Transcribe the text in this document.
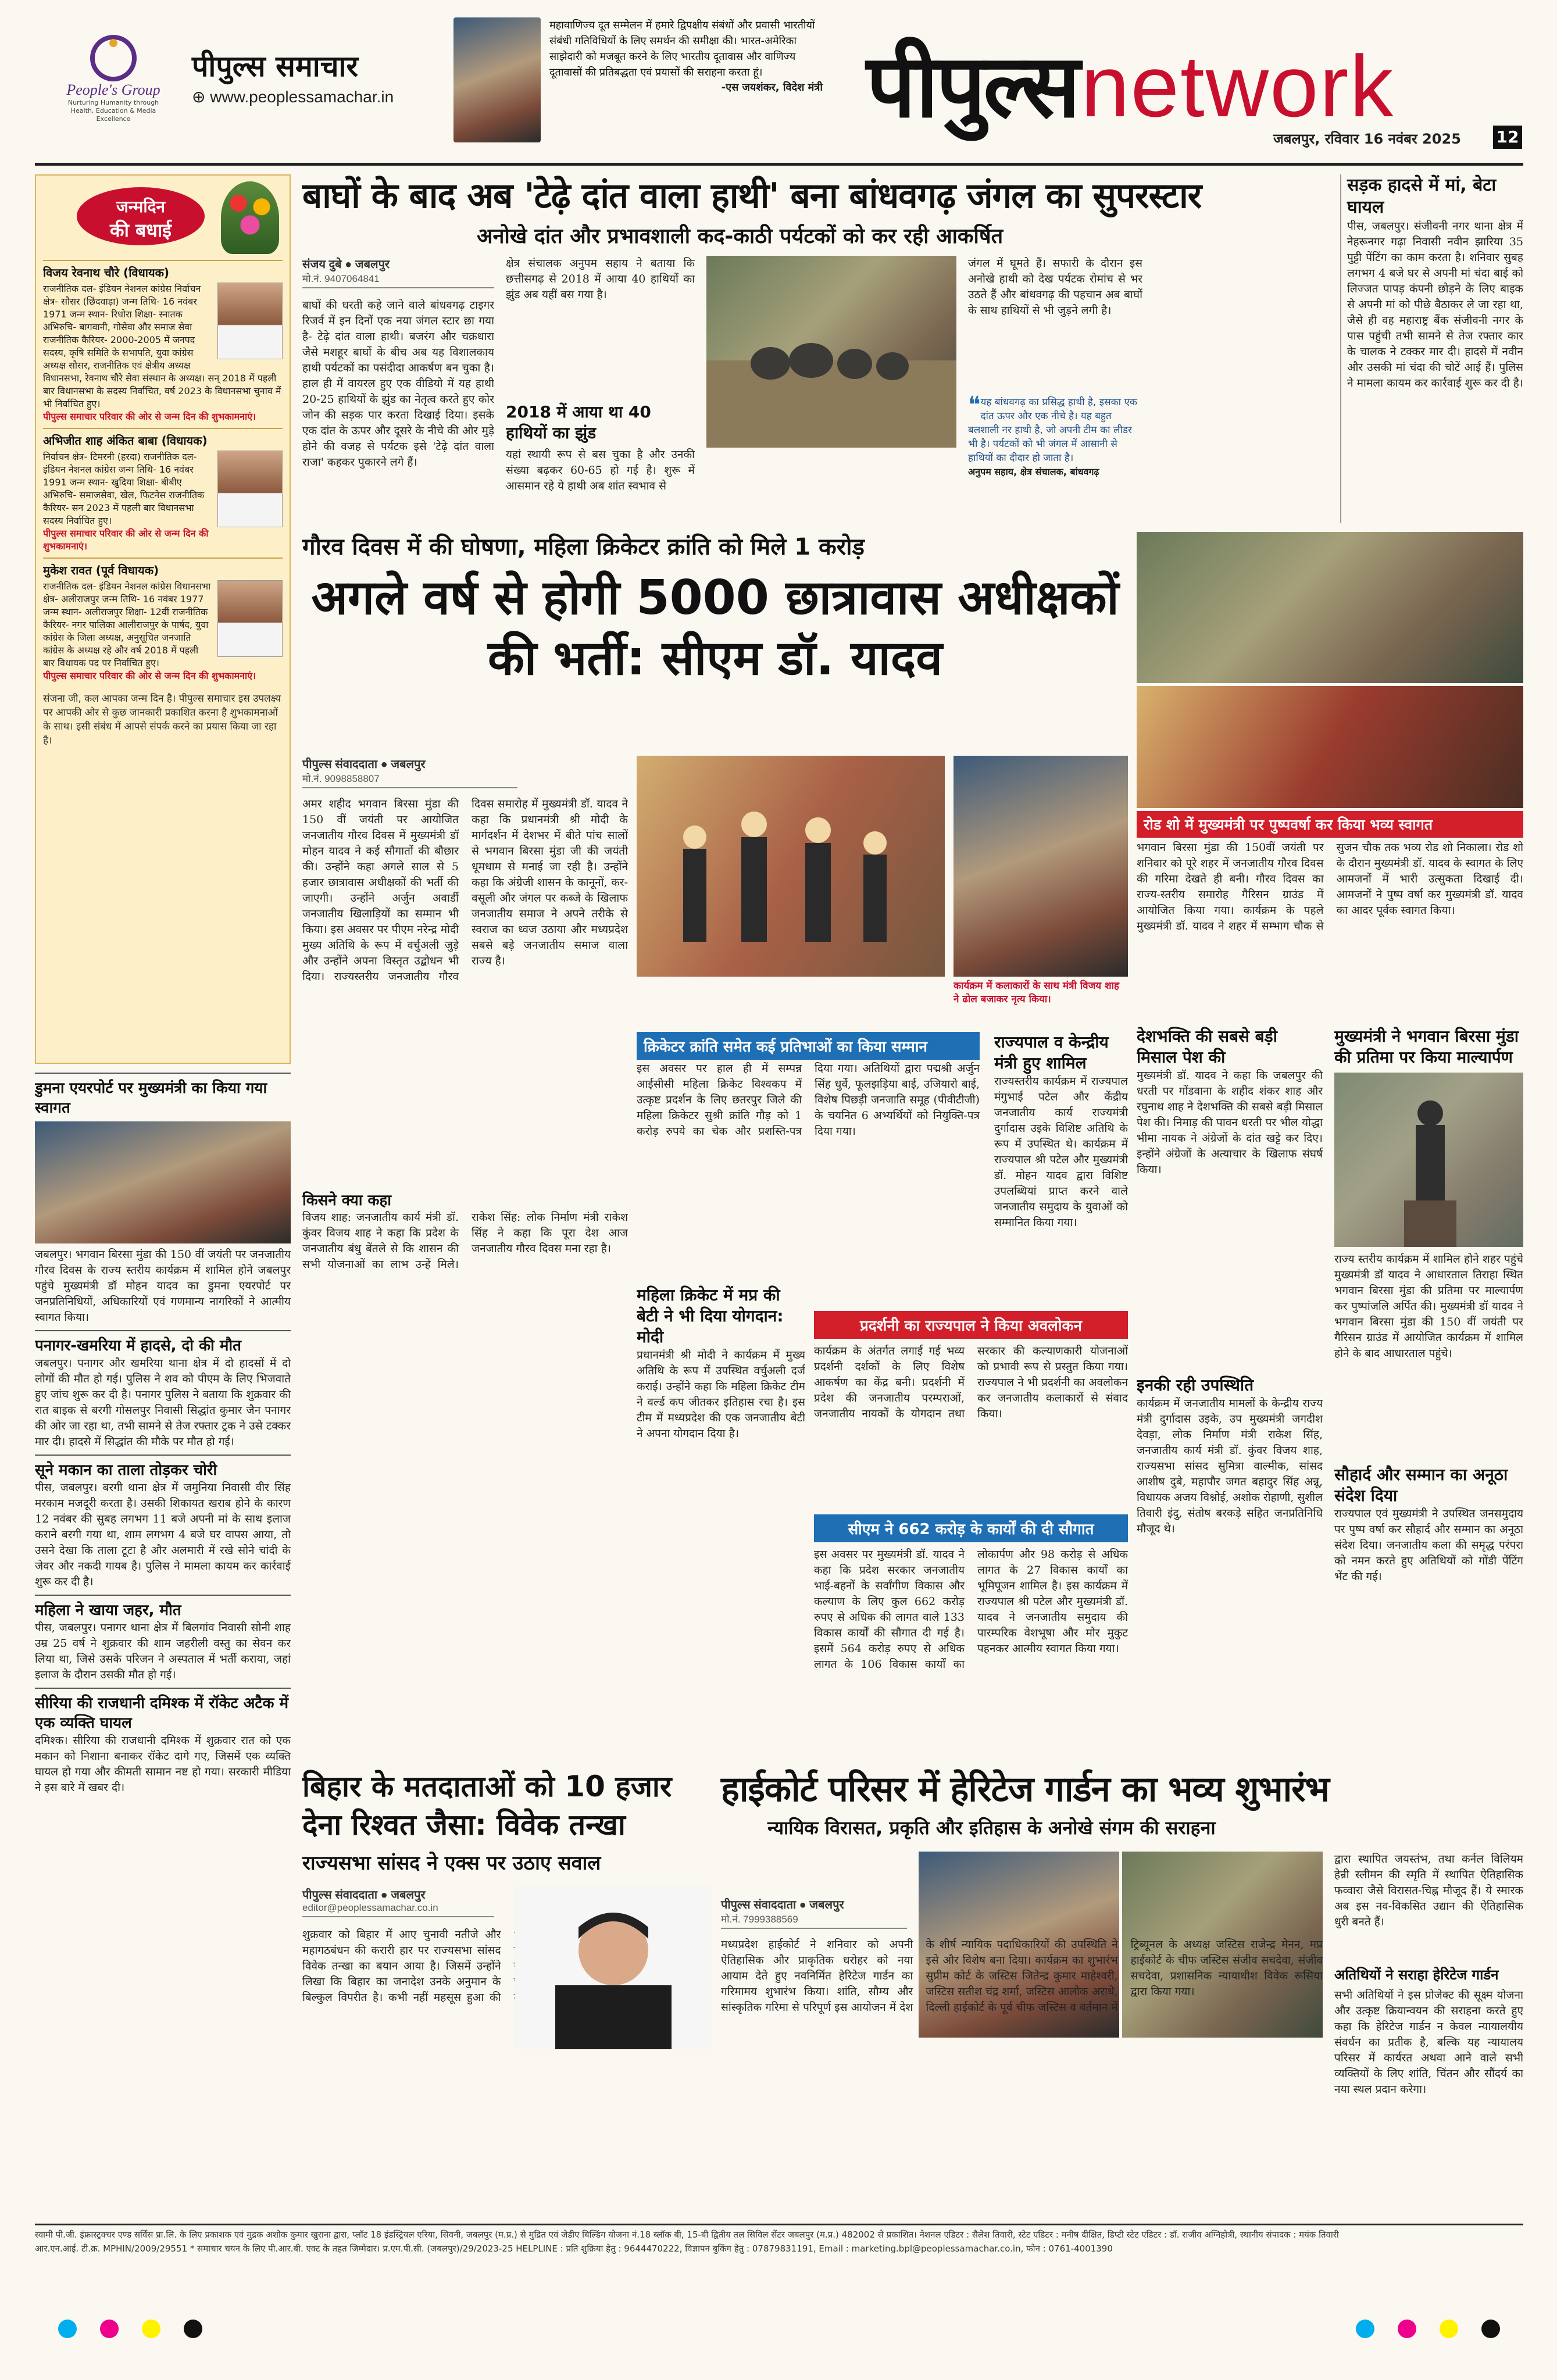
People's Group
Nurturing Humanity through Health, Education & Media Excellence
पीपुल्स समाचार
⊕ www.peoplessamachar.in
महावाणिज्य दूत सम्मेलन में हमारे द्विपक्षीय संबंधों और प्रवासी भारतीयों संबंधी गतिविधियों के लिए समर्थन की समीक्षा की। भारत-अमेरिका साझेदारी को मजबूत करने के लिए भारतीय दूतावास और वाणिज्य दूतावासों की प्रतिबद्धता एवं प्रयासों की सराहना करता हूं।
-एस जयशंकर, विदेश मंत्री पीपुल्स network
जबलपुर, रविवार 16 नवंबर 2025 12
जन्मदिन
की बधाई
विजय रेवनाथ चौरे (विधायक)
राजनीतिक दल- इंडियन नेशनल कांग्रेस निर्वाचन क्षेत्र- सौसर (छिंदवाड़ा) जन्म तिथि- 16 नवंबर 1971 जन्म स्थान- रिधोरा शिक्षा- स्नातक अभिरुचि- बागवानी, गोसेवा और समाज सेवा राजनीतिक कैरियर- 2000-2005 में जनपद सदस्य, कृषि समिति के सभापति, युवा कांग्रेस अध्यक्ष सौसर, राजनीतिक एवं क्षेत्रीय अध्यक्ष विधानसभा, रेवनाथ चौरे सेवा संस्थान के अध्यक्ष। सन् 2018 में पहली बार विधानसभा के सदस्य निर्वाचित, वर्ष 2023 के विधानसभा चुनाव में भी निर्वाचित हुए।
पीपुल्स समाचार परिवार की ओर से जन्म दिन की शुभकामनाएं।
अभिजीत शाह अंकित बाबा (विधायक)
निर्वाचन क्षेत्र- टिमरनी (हरदा) राजनीतिक दल- इंडियन नेशनल कांग्रेस जन्म तिथि- 16 नवंबर 1991 जन्म स्थान- खुदिया शिक्षा- बीबीए अभिरुचि- समाजसेवा, खेल, फिटनेस राजनीतिक कैरियर- सन 2023 में पहली बार विधानसभा सदस्य निर्वाचित हुए।
पीपुल्स समाचार परिवार की ओर से जन्म दिन की शुभकामनाएं।
मुकेश रावत (पूर्व विधायक)
राजनीतिक दल- इंडियन नेशनल कांग्रेस विधानसभा क्षेत्र- अलीराजपुर जन्म तिथि- 16 नवंबर 1977 जन्म स्थान- अलीराजपुर शिक्षा- 12वीं राजनीतिक कैरियर- नगर पालिका आलीराजपुर के पार्षद, युवा कांग्रेस के जिला अध्यक्ष, अनुसूचित जनजाति कांग्रेस के अध्यक्ष रहे और वर्ष 2018 में पहली बार विधायक पद पर निर्वाचित हुए।
पीपुल्स समाचार परिवार की ओर से जन्म दिन की शुभकामनाएं।
संजना जी, कल आपका जन्म दिन है। पीपुल्स समाचार इस उपलक्ष्य पर आपकी ओर से कुछ जानकारी प्रकाशित करना है शुभकामनाओं के साथ। इसी संबंध में आपसे संपर्क करने का प्रयास किया जा रहा है।
डुमना एयरपोर्ट पर मुख्यमंत्री का किया गया स्वागत
जबलपुर। भगवान बिरसा मुंडा की 150 वीं जयंती पर जनजातीय गौरव दिवस के राज्य स्तरीय कार्यक्रम में शामिल होने जबलपुर पहुंचे मुख्यमंत्री डॉ मोहन यादव का डुमना एयरपोर्ट पर जनप्रतिनिधियों, अधिकारियों एवं गणमान्य नागरिकों ने आत्मीय स्वागत किया।
पनागर-खमरिया में हादसे, दो की मौत
जबलपुर। पनागर और खमरिया थाना क्षेत्र में दो हादसों में दो लोगों की मौत हो गई। पुलिस ने शव को पीएम के लिए भिजवाते हुए जांच शुरू कर दी है। पनागर पुलिस ने बताया कि शुक्रवार की रात बाइक से बरगी गोसलपुर निवासी सिद्धांत कुमार जैन पनागर की ओर जा रहा था, तभी सामने से तेज रफ्तार ट्रक ने उसे टक्कर मार दी। हादसे में सिद्धांत की मौके पर मौत हो गई।
सूने मकान का ताला तोड़कर चोरी
पीस, जबलपुर। बरगी थाना क्षेत्र में जमुनिया निवासी वीर सिंह मरकाम मजदूरी करता है। उसकी शिकायत खराब होने के कारण 12 नवंबर की सुबह लगभग 11 बजे अपनी मां के साथ इलाज कराने बरगी गया था, शाम लगभग 4 बजे घर वापस आया, तो उसने देखा कि ताला टूटा है और अलमारी में रखे सोने चांदी के जेवर और नकदी गायब है। पुलिस ने मामला कायम कर कार्रवाई शुरू कर दी है।
महिला ने खाया जहर, मौत
पीस, जबलपुर। पनागर थाना क्षेत्र में बिलगांव निवासी सोनी शाह उम्र 25 वर्ष ने शुक्रवार की शाम जहरीली वस्तु का सेवन कर लिया था, जिसे उसके परिजन ने अस्पताल में भर्ती कराया, जहां इलाज के दौरान उसकी मौत हो गई।
सीरिया की राजधानी दमिश्क में रॉकेट अटैक में एक व्यक्ति घायल
दमिश्क। सीरिया की राजधानी दमिश्क में शुक्रवार रात को एक मकान को निशाना बनाकर रॉकेट दागे गए, जिसमें एक व्यक्ति घायल हो गया और कीमती सामान नष्ट हो गया। सरकारी मीडिया ने इस बारे में खबर दी।
बाघों के बाद अब 'टेढ़े दांत वाला हाथी' बना बांधवगढ़ जंगल का सुपरस्टार
अनोखे दांत और प्रभावशाली कद-काठी पर्यटकों को कर रही आकर्षित
संजय दुबे ● जबलपुर
मो.नं. 9407064841
बाघों की धरती कहे जाने वाले बांधवगढ़ टाइगर रिजर्व में इन दिनों एक नया जंगल स्टार छा गया है- टेढ़े दांत वाला हाथी। बजरंग और चक्रधारा जैसे मशहूर बाघों के बीच अब यह विशालकाय हाथी पर्यटकों का पसंदीदा आकर्षण बन चुका है। हाल ही में वायरल हुए एक वीडियो में यह हाथी 20-25 हाथियों के झुंड का नेतृत्व करते हुए कोर जोन की सड़क पार करता दिखाई दिया। इसके एक दांत के ऊपर और दूसरे के नीचे की ओर मुड़े होने की वजह से पर्यटक इसे 'टेढ़े दांत वाला राजा' कहकर पुकारने लगे हैं।
क्षेत्र संचालक अनुपम सहाय ने बताया कि छत्तीसगढ़ से 2018 में आया 40 हाथियों का झुंड अब यहीं बस गया है।
2018 में आया था 40 हाथियों का झुंड
यहां स्थायी रूप से बस चुका है और उनकी संख्या बढ़कर 60-65 हो गई है। शुरू में आसमान रहे ये हाथी अब शांत स्वभाव से
जंगल में घूमते हैं। सफारी के दौरान इस अनोखे हाथी को देख पर्यटक रोमांच से भर उठते हैं और बांधवगढ़ की पहचान अब बाघों के साथ हाथियों से भी जुड़ने लगी है।
❝ यह बांधवगढ़ का प्रसिद्ध हाथी है, इसका एक दांत ऊपर और एक नीचे है। यह बहुत बलशाली नर हाथी है, जो अपनी टीम का लीडर भी है। पर्यटकों को भी जंगल में आसानी से हाथियों का दीदार हो जाता है।
अनुपम सहाय, क्षेत्र संचालक, बांधवगढ़
सड़क हादसे में मां, बेटा घायल
पीस, जबलपुर। संजीवनी नगर थाना क्षेत्र में नेहरूनगर गढ़ा निवासी नवीन झारिया 35 पुट्टी पेंटिंग का काम करता है। शनिवार सुबह लगभग 4 बजे घर से अपनी मां चंदा बाई को लिज्जत पापड़ कंपनी छोड़ने के लिए बाइक से अपनी मां को पीछे बैठाकर ले जा रहा था, जैसे ही वह महाराष्ट्र बैंक संजीवनी नगर के पास पहुंची तभी सामने से तेज रफ्तार कार के चालक ने टक्कर मार दी। हादसे में नवीन और उसकी मां चंदा की चोटें आई हैं। पुलिस ने मामला कायम कर कार्रवाई शुरू कर दी है।
गौरव दिवस में की घोषणा, महिला क्रिकेटर क्रांति को मिले 1 करोड़
अगले वर्ष से होगी 5000 छात्रावास अधीक्षकों की भर्ती: सीएम डॉ. यादव
पीपुल्स संवाददाता ● जबलपुर
मो.नं. 9098858807
अमर शहीद भगवान बिरसा मुंडा की 150 वीं जयंती पर आयोजित जनजातीय गौरव दिवस में मुख्यमंत्री डॉ मोहन यादव ने कई सौगातों की बौछार की। उन्होंने कहा अगले साल से 5 हजार छात्रावास अधीक्षकों की भर्ती की जाएगी। उन्होंने अर्जुन अवार्डी जनजातीय खिलाड़ियों का सम्मान भी किया। इस अवसर पर पीएम नरेन्द्र मोदी मुख्य अतिथि के रूप में वर्चुअली जुड़े और उन्होंने अपना विस्तृत उद्बोधन भी दिया। राज्यस्तरीय जनजातीय गौरव दिवस समारोह में मुख्यमंत्री डॉ. यादव ने कहा कि प्रधानमंत्री श्री मोदी के मार्गदर्शन में देशभर में बीते पांच सालों से भगवान बिरसा मुंडा जी की जयंती धूमधाम से मनाई जा रही है। उन्होंने कहा कि अंग्रेजी शासन के कानूनों, कर-वसूली और जंगल पर कब्जे के खिलाफ जनजातीय समाज ने अपने तरीके से स्वराज का ध्वज उठाया और मध्यप्रदेश सबसे बड़े जनजातीय समाज वाला राज्य है।
किसने क्या कहा
विजय शाह: जनजातीय कार्य मंत्री डॉ. कुंवर विजय शाह ने कहा कि प्रदेश के जनजातीय बंधु बेंतले से कि शासन की सभी योजनाओं का लाभ उन्हें मिले। राकेश सिंह: लोक निर्माण मंत्री राकेश सिंह ने कहा कि पूरा देश आज जनजातीय गौरव दिवस मना रहा है।
कार्यक्रम में कलाकारों के साथ मंत्री विजय शाह ने ढोल बजाकर नृत्य किया।
क्रिकेटर क्रांति समेत कई प्रतिभाओं का किया सम्मान
इस अवसर पर हाल ही में सम्पन्न आईसीसी महिला क्रिकेट विश्वकप में उत्कृष्ट प्रदर्शन के लिए छतरपुर जिले की महिला क्रिकेटर सुश्री क्रांति गौड़ को 1 करोड़ रुपये का चेक और प्रशस्ति-पत्र दिया गया। अतिथियों द्वारा पद्मश्री अर्जुन सिंह धुर्वे, फूलझड़िया बाई, उजियारो बाई, विशेष पिछड़ी जनजाति समूह (पीवीटीजी) के चयनित 6 अभ्यर्थियों को नियुक्ति-पत्र दिया गया।
महिला क्रिकेट में मप्र की बेटी ने भी दिया योगदान: मोदी
प्रधानमंत्री श्री मोदी ने कार्यक्रम में मुख्य अतिथि के रूप में उपस्थित वर्चुअली दर्ज कराई। उन्होंने कहा कि महिला क्रिकेट टीम ने वर्ल्ड कप जीतकर इतिहास रचा है। इस टीम में मध्यप्रदेश की एक जनजातीय बेटी ने अपना योगदान दिया है।
राज्यपाल व केन्द्रीय मंत्री हुए शामिल
राज्यस्तरीय कार्यक्रम में राज्यपाल मंगुभाई पटेल और केंद्रीय जनजातीय कार्य राज्यमंत्री दुर्गादास उइके विशिष्ट अतिथि के रूप में उपस्थित थे। कार्यक्रम में राज्यपाल श्री पटेल और मुख्यमंत्री डॉ. मोहन यादव द्वारा विशिष्ट उपलब्धियां प्राप्त करने वाले जनजातीय समुदाय के युवाओं को सम्मानित किया गया।
प्रदर्शनी का राज्यपाल ने किया अवलोकन
कार्यक्रम के अंतर्गत लगाई गई भव्य प्रदर्शनी दर्शकों के लिए विशेष आकर्षण का केंद्र बनी। प्रदर्शनी में प्रदेश की जनजातीय परम्पराओं, जनजातीय नायकों के योगदान तथा सरकार की कल्याणकारी योजनाओं को प्रभावी रूप से प्रस्तुत किया गया। राज्यपाल ने भी प्रदर्शनी का अवलोकन कर जनजातीय कलाकारों से संवाद किया।
सीएम ने 662 करोड़ के कार्यों की दी सौगात
इस अवसर पर मुख्यमंत्री डॉ. यादव ने कहा कि प्रदेश सरकार जनजातीय भाई-बहनों के सर्वांगीण विकास और कल्याण के लिए कुल 662 करोड़ रुपए से अधिक की लागत वाले 133 विकास कार्यों की सौगात दी गई है। इसमें 564 करोड़ रुपए से अधिक लागत के 106 विकास कार्यों का लोकार्पण और 98 करोड़ से अधिक लागत के 27 विकास कार्यों का भूमिपूजन शामिल है। इस कार्यक्रम में राज्यपाल श्री पटेल और मुख्यमंत्री डॉ. यादव ने जनजातीय समुदाय की पारम्परिक वेशभूषा और मोर मुकुट पहनकर आत्मीय स्वागत किया गया।
रोड शो में मुख्यमंत्री पर पुष्पवर्षा कर किया भव्य स्वागत
भगवान बिरसा मुंडा की 150वीं जयंती पर शनिवार को पूरे शहर में जनजातीय गौरव दिवस की गरिमा देखते ही बनी। गौरव दिवस का राज्य-स्तरीय समारोह गैरिसन ग्राउंड में आयोजित किया गया। कार्यक्रम के पहले मुख्यमंत्री डॉ. यादव ने शहर में सम्भाग चौक से सुजन चौक तक भव्य रोड शो निकाला। रोड शो के दौरान मुख्यमंत्री डॉ. यादव के स्वागत के लिए आमजनों में भारी उत्सुकता दिखाई दी। आमजनों ने पुष्प वर्षा कर मुख्यमंत्री डॉ. यादव का आदर पूर्वक स्वागत किया।
देशभक्ति की सबसे बड़ी मिसाल पेश की
मुख्यमंत्री डॉ. यादव ने कहा कि जबलपुर की धरती पर गोंडवाना के शहीद शंकर शाह और रघुनाथ शाह ने देशभक्ति की सबसे बड़ी मिसाल पेश की। निमाड़ की पावन धरती पर भील योद्धा भीमा नायक ने अंग्रेजों के दांत खट्टे कर दिए। इन्होंने अंग्रेजों के अत्याचार के खिलाफ संघर्ष किया।
इनकी रही उपस्थिति
कार्यक्रम में जनजातीय मामलों के केन्द्रीय राज्य मंत्री दुर्गादास उइके, उप मुख्यमंत्री जगदीश देवड़ा, लोक निर्माण मंत्री राकेश सिंह, जनजातीय कार्य मंत्री डॉ. कुंवर विजय शाह, राज्यसभा सांसद सुमित्रा वाल्मीक, सांसद आशीष दुबे, महापौर जगत बहादुर सिंह अन्नू, विधायक अजय विश्नोई, अशोक रोहाणी, सुशील तिवारी इंदु, संतोष बरकड़े सहित जनप्रतिनिधि मौजूद थे।
मुख्यमंत्री ने भगवान बिरसा मुंडा की प्रतिमा पर किया माल्यार्पण
राज्य स्तरीय कार्यक्रम में शामिल होने शहर पहुंचे मुख्यमंत्री डॉ यादव ने आधारताल तिराहा स्थित भगवान बिरसा मुंडा की प्रतिमा पर माल्यार्पण कर पुष्पांजलि अर्पित की। मुख्यमंत्री डॉ यादव ने भगवान बिरसा मुंडा की 150 वीं जयंती पर गैरिसन ग्राउंड में आयोजित कार्यक्रम में शामिल होने के बाद आधारताल पहुंचे।
सौहार्द और सम्मान का अनूठा संदेश दिया
राज्यपाल एवं मुख्यमंत्री ने उपस्थित जनसमुदाय पर पुष्प वर्षा कर सौहार्द और सम्मान का अनूठा संदेश दिया। जनजातीय कला की समृद्ध परंपरा को नमन करते हुए अतिथियों को गोंडी पेंटिंग भेंट की गई।
बिहार के मतदाताओं को 10 हजार देना रिश्वत जैसा: विवेक तन्खा
राज्यसभा सांसद ने एक्स पर उठाए सवाल
पीपुल्स संवाददाता ● जबलपुर
editor@peoplessamachar.co.in
शुक्रवार को बिहार में आए चुनावी नतीजे और महागठबंधन की करारी हार पर राज्यसभा सांसद विवेक तन्खा का बयान आया है। जिसमें उन्होंने लिखा कि बिहार का जनादेश उनके अनुमान के बिल्कुल विपरीत है। कभी नहीं महसूस हुआ की
हाईकोर्ट परिसर में हेरिटेज गार्डन का भव्य शुभारंभ
न्यायिक विरासत, प्रकृति और इतिहास के अनोखे संगम की सराहना
पीपुल्स संवाददाता ● जबलपुर
मो.नं. 7999388569
मध्यप्रदेश हाईकोर्ट ने शनिवार को अपनी ऐतिहासिक और प्राकृतिक धरोहर को नया आयाम देते हुए नवनिर्मित हेरिटेज गार्डन का गरिमामय शुभारंभ किया। शांति, सौम्य और सांस्कृतिक गरिमा से परिपूर्ण इस आयोजन में देश के शीर्ष न्यायिक पदाधिकारियों की उपस्थिति ने इसे और विशेष बना दिया। कार्यक्रम का शुभारंभ सुप्रीम कोर्ट के जस्टिस जितेन्द्र कुमार माहेश्वरी, जस्टिस सतीश चंद्र शर्मा, जस्टिस आलोक अराधे, दिल्ली हाईकोर्ट के पूर्व चीफ जस्टिस व वर्तमान में ट्रिब्यूनल के अध्यक्ष जस्टिस राजेन्द्र मेनन, मप्र हाईकोर्ट के चीफ जस्टिस संजीव सचदेवा, संजीव सचदेवा, प्रशासनिक न्यायाधीश विवेक रूसिया द्वारा किया गया।
द्वारा स्थापित जयस्तंभ, तथा कर्नल विलियम हेन्री स्लीमन की स्मृति में स्थापित ऐतिहासिक फव्वारा जैसे विरासत-चिह्न मौजूद हैं। ये स्मारक अब इस नव-विकसित उद्यान की ऐतिहासिक धुरी बनते हैं।
अतिथियों ने सराहा हेरिटेज गार्डन
सभी अतिथियों ने इस प्रोजेक्ट की सूक्ष्म योजना और उत्कृष्ट क्रियान्वयन की सराहना करते हुए कहा कि हेरिटेज गार्डन न केवल न्यायालयीय संवर्धन का प्रतीक है, बल्कि यह न्यायालय परिसर में कार्यरत अथवा आने वाले सभी व्यक्तियों के लिए शांति, चिंतन और सौंदर्य का नया स्थल प्रदान करेगा।
स्वामी पी.जी. इंफ्रास्ट्रक्चर एण्ड सर्विस प्रा.लि. के लिए प्रकाशक एवं मुद्रक अशोक कुमार खुराना द्वारा, प्लॉट 18 इंडस्ट्रियल एरिया, सिवनी, जबलपुर (म.प्र.) से मुद्रित एवं जेडीए बिल्डिंग योजना नं.18 ब्लॉक बी, 15-बी द्वितीय तल सिविल सेंटर जबलपुर (म.प्र.) 482002 से प्रकाशित। नेशनल एडिटर : सैलेश तिवारी, स्टेट एडिटर : मनीष दीक्षित, डिप्टी स्टेट एडिटर : डॉ. राजीव अग्निहोत्री, स्थानीय संपादक : मयंक तिवारी
आर.एन.आई. टी.क्र. MPHIN/2009/29551 * समाचार चयन के लिए पी.आर.बी. एक्ट के तहत जिम्मेदार। प्र.एम.पी.सी. (जबलपुर)/29/2023-25 HELPLINE : प्रति शुक्रिया हेतु : 9644470222, विज्ञापन बुकिंग हेतु : 07879831191, Email : marketing.bpl@peoplessamachar.co.in, फोन : 0761-4001390
